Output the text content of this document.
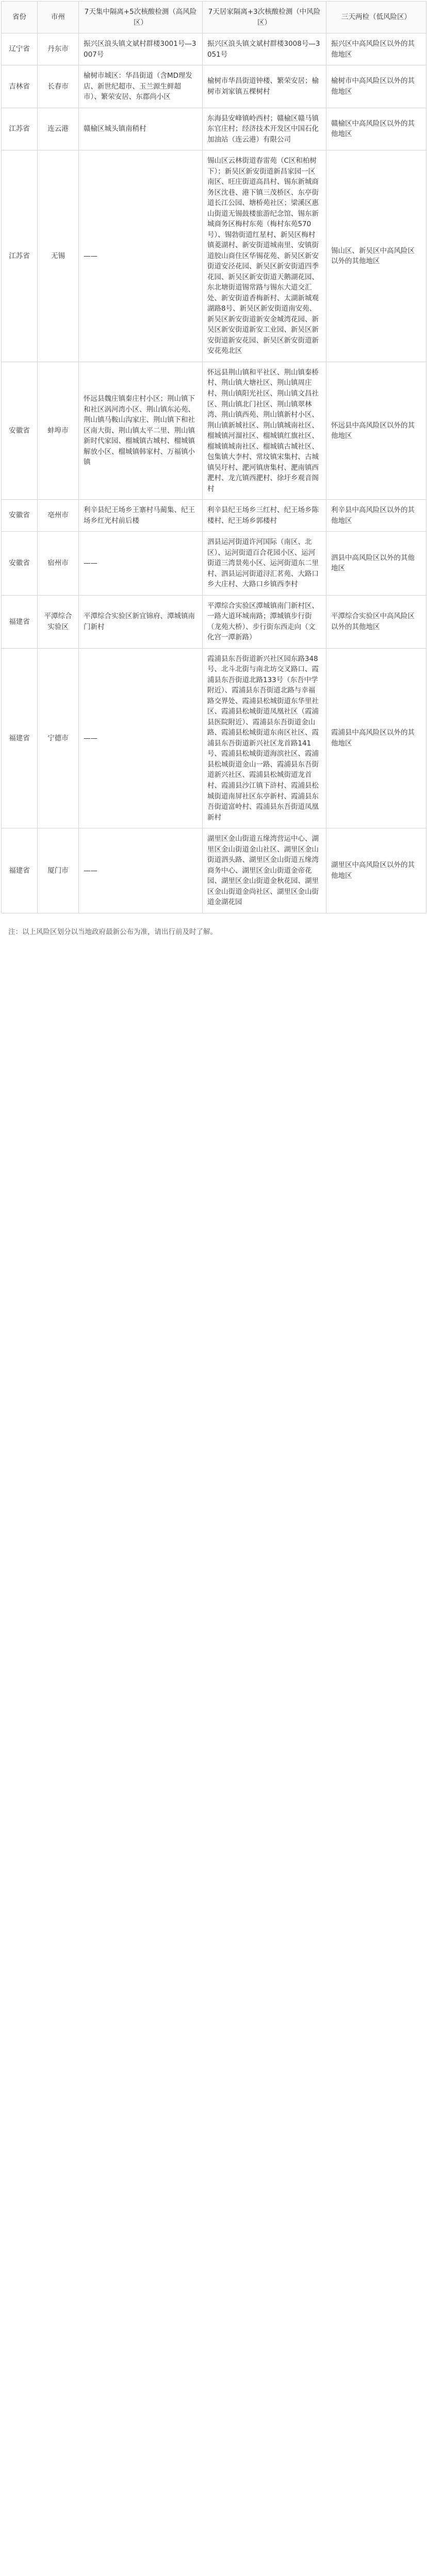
省份	市州	7天集中隔离+5次核酸检测（高风险区）	7天居家隔离+3次核酸检测（中风险区）	三天两检（低风险区）
辽宁省	丹东市	振兴区浪头镇文斌村群楼3001号—3007号	振兴区浪头镇文斌村群楼3008号—3051号	振兴区中高风险区以外的其他地区
吉林省	长春市	榆树市城区：华昌街道（含MD理发店、新世纪超市、玉兰源生鲜超市）、繁荣安居、东郡尚小区	榆树市华昌街道钟楼、繁荣安居；榆树市刘家镇五棵树村	榆树市中高风险区以外的其他地区
江苏省	连云港	赣榆区城头镇南稍村	东海县安峰镇岭西村；赣榆区赣马镇东官庄村；经济技术开发区中国石化加油站（连云港）有限公司	赣榆区中高风险区以外的其他地区
江苏省	无锡	——	锡山区云林街道春雷苑（C区和柏树下）；新吴区新安街道新昌家园一区南区、旺庄街道高昌村、锡东新城商务区沈巷、港下镇三茂桥区、东亭街道长江公园、塘桥苑社区；梁溪区惠山街道无锡鼓楼旅游纪念馆、锡东新城商务区梅村东苑（梅村东苑570号）、锡勃街道红星村、新吴区梅村镇菱湖村、新安街道城南里、安镇街道胶山商住区华锡花苑、新吴区新安街道安泾花园、新吴区新安街道四季花园、新吴区新安街道天鹅湖花园、东北塘街道锡常路与锡东大道交汇处、新安街道香梅新村、太湖新城观湖路8号、新吴区新安街道南安苑、新吴区新安街道新安金城湾花园、新吴区新安街道新安工业园、新吴区新安街道新安花园、新吴区新安街道新安花苑北区	锡山区、新吴区中高风险区以外的其他地区
安徽省	蚌埠市	怀远县魏庄镇秦庄村小区；荆山镇下和社区涡河湾小区、荆山镇东沁苑、荆山镇马鞍山沟家庄、荆山镇下和社区南大街、荆山镇太平二里、荆山镇新时代家园、榴城镇古城村、榴城镇解放小区、榴城镇韩家村、万福镇小镇	怀远县荆山镇和平社区、荆山镇秦桥村、荆山镇大塘社区、荆山镇周庄村、荆山镇阳光社区、荆山镇文昌社区、荆山镇北门社区、荆山镇翠林湾、荆山镇西苑、荆山镇新村小区、荆山镇新城社区、荆山镇城南社区、榴城镇河溜社区、榴城镇红旗社区、榴城镇城南社区、榴城镇古城社区、包集镇大李村、常坟镇宋集村、古城镇吴圩村、淝河镇唐集村、淝南镇西淝村、龙亢镇西淝村、徐圩乡观音阁村	怀远县中高风险区以外的其他地区
安徽省	亳州市	利辛县纪王场乡王寨村马蔺集、纪王场乡红光村前后楼	利辛县纪王场乡三红村、纪王场乡陈楼村、纪王场乡郭楼村	利辛县中高风险区以外的其他地区
安徽省	宿州市	——	泗县运河街道许河国际（南区、北区）、运河街道百合花园小区、运河街道三湾景苑小区、运河街道东二里村、泗县运河街道浔汇茗苑、大路口乡大庄村、大路口乡镇西李村	泗县中高风险区以外的其他地区
福建省	平潭综合实验区	平潭综合实验区新宜锦府、潭城镇南门新村	平潭综合实验区潭城镇南门新村区、一路大道环城南路；潭城镇步行街（龙苑大桥）、步行街东西走向（文化宫一潭新路）	平潭综合实验区中高风险区以外的其他地区
福建省	宁德市	——	霞浦县东吾街道新兴社区园东路348号、北斗北街与南北坊交叉路口、霞浦县东吾街道北路133号（东吾中学附近）、霞浦县东吾街道北路与幸福路交界处、霞浦县松城街道东华里社区、霞浦县松城街道凤凰社区（霞浦县医院附近）、霞浦县东吾街道金山路、霞浦县松城街道东南区社区、霞浦县东吾街道新兴社区龙首路141号、霞浦县松城街道海滨社区、霞浦县松城街道金山一路、霞浦县东吾街道新兴社区、霞浦县松城街道龙首村、霞浦县沙江镇下浒村、霞浦县松城街道南屏社区东亭新村、霞浦县东吾街道富岭村、霞浦县东吾街道凤凰新村	霞浦县中高风险区以外的其他地区
福建省	厦门市	——	湖里区金山街道五缘湾营运中心、湖里区金山街道金山社区、湖里区金山街道泗头路、湖里区金山街道五缘湾商务中心、湖里区金山街道金帝花园、湖里区金山街道金秋花园、湖里区金山街道金尚社区、湖里区金山街道金湖花园	湖里区中高风险区以外的其他地区
注：以上风险区划分以当地政府最新公布为准，请出行前及时了解。
